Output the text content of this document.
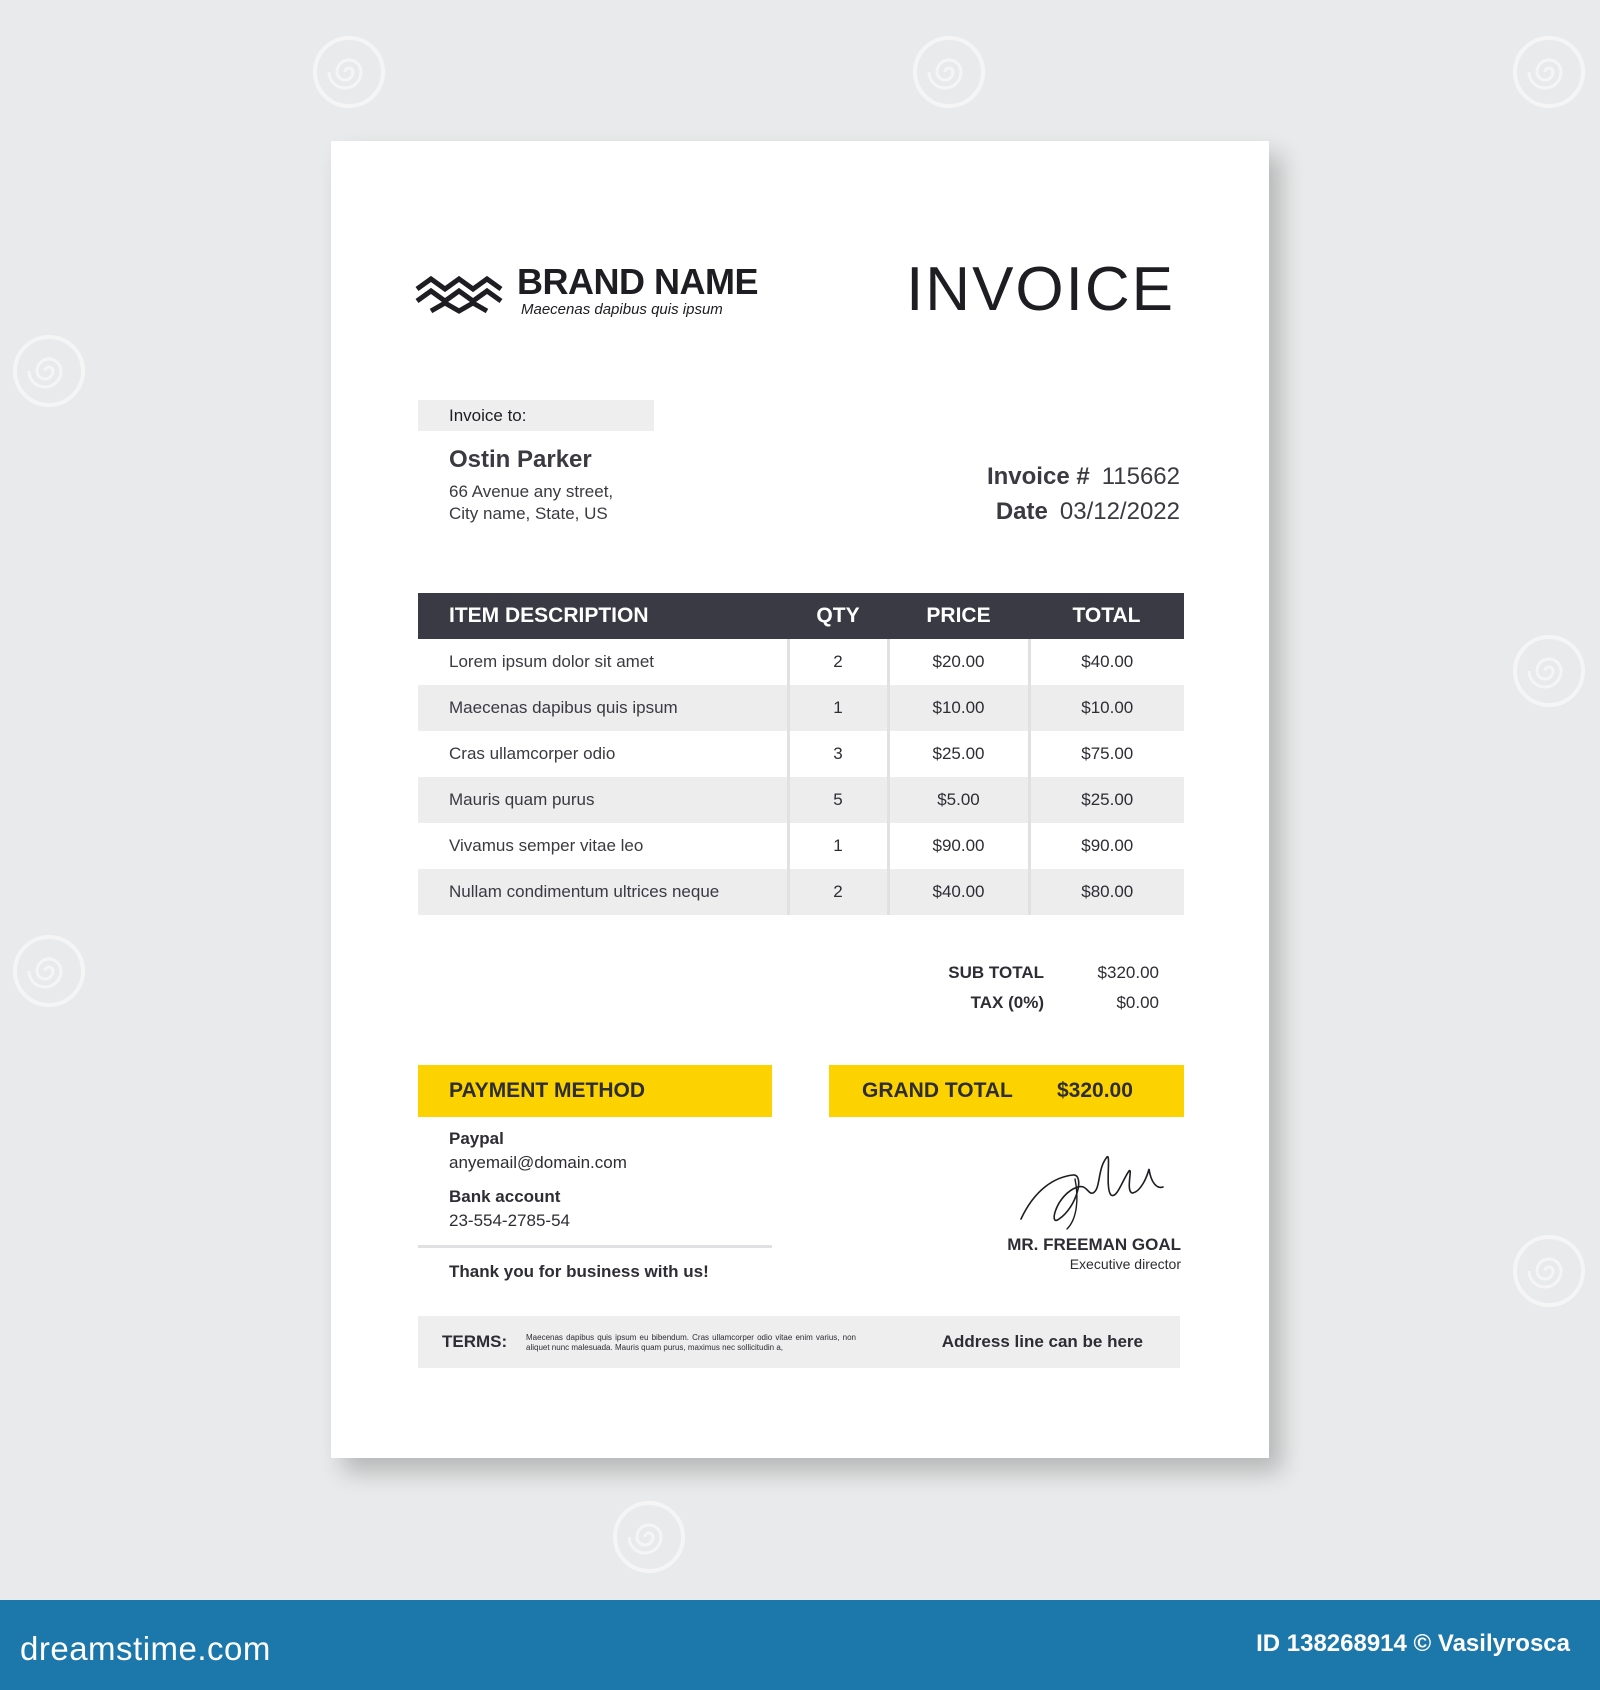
BRAND NAME
Maecenas dapibus quis ipsum	INVOICE
Invoice to:
Ostin Parker
66 Avenue any street,
City name, State, US
Invoice # 115662
Date 03/12/2022
ITEM DESCRIPTION	QTY	PRICE	TOTAL
Lorem ipsum dolor sit amet	2	$20.00	$40.00
Maecenas dapibus quis ipsum	1	$10.00	$10.00
Cras ullamcorper odio	3	$25.00	$75.00
Mauris quam purus	5	$5.00	$25.00
Vivamus semper vitae leo	1	$90.00	$90.00
Nullam condimentum ultrices neque	2	$40.00	$80.00
SUB TOTAL	$320.00
TAX (0%)	$0.00
PAYMENT METHOD	GRAND TOTAL $320.00
Paypal
anyemail@domain.com
Bank account
23-554-2785-54
Thank you for business with us!
MR. FREEMAN GOAL
Executive director
TERMS: Maecenas dapibus quis ipsum eu bibendum. Cras ullamcorper odio vitae enim varius, non aliquet nunc malesuada. Mauris quam purus, maximus nec sollicitudin a,	Address line can be here
dreamstime.com	ID 138268914 © Vasilyrosca
